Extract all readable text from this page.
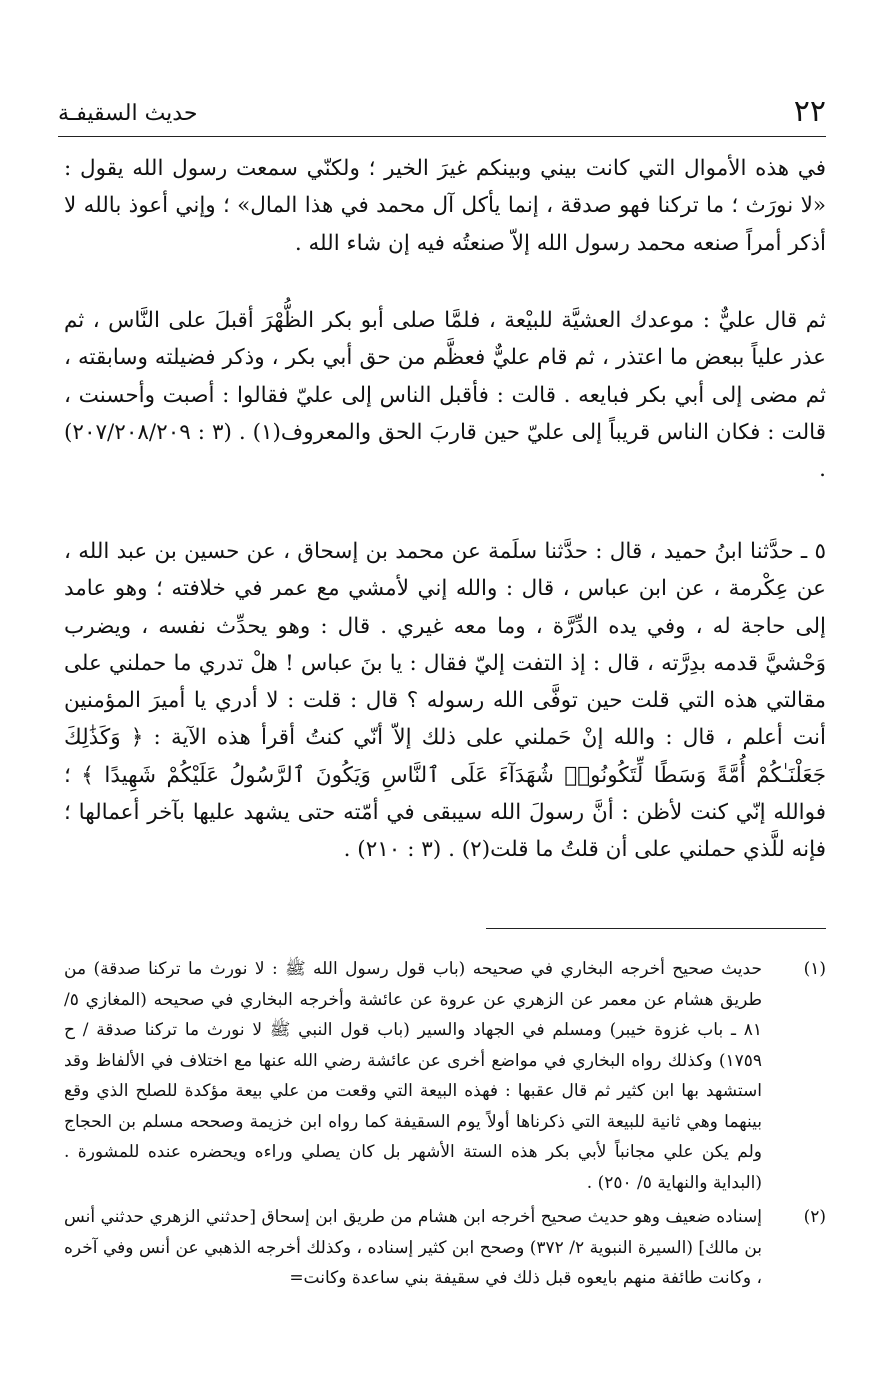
٢٢
حديث السقيفـة

في هذه الأموال التي كانت بيني وبينكم غيرَ الخير ؛ ولكنّي سمعت رسول الله يقول : «لا نورَث ؛ ما تركنا فهو صدقة ، إنما يأكل آل محمد في هذا المال» ؛ وإني أعوذ بالله لا أذكر أمراً صنعه محمد رسول الله إلاّ صنعتُه فيه إن شاء الله .

ثم قال عليٌّ : موعدك العشيَّة للبيْعة ، فلمَّا صلى أبو بكر الظُّهْرَ أقبلَ على النَّاس ، ثم عذر علياً ببعض ما اعتذر ، ثم قام عليٌّ فعظَّم من حق أبي بكر ، وذكر فضيلته وسابقته ، ثم مضى إلى أبي بكر فبايعه . قالت : فأقبل الناس إلى عليّ فقالوا : أصبت وأحسنت ، قالت : فكان الناس قريباً إلى عليّ حين قاربَ الحق والمعروف(١) . (٣ : ٢٠٧/٢٠٨/٢٠٩) .

٥ ـ حدَّثنا ابنُ حميد ، قال : حدَّثنا سلَمة عن محمد بن إسحاق ، عن حسين بن عبد الله ، عن عِكْرمة ، عن ابن عباس ، قال : والله إني لأمشي مع عمر في خلافته ؛ وهو عامد إلى حاجة له ، وفي يده الدِّرَّة ، وما معه غيري . قال : وهو يحدِّث نفسه ، ويضرب وَحْشيَّ قدمه بدِرَّته ، قال : إذ التفت إليّ فقال : يا بنَ عباس ! هلْ تدري ما حملني على مقالتي هذه التي قلت حين توفَّى الله رسوله ؟ قال : قلت : لا أدري يا أميرَ المؤمنين أنت أعلم ، قال : والله إنْ حَملني على ذلك إلاّ أنّي كنتُ أقرأ هذه الآية : ﴿ وَكَذَٰلِكَ جَعَلْنَـٰكُمْ أُمَّةً وَسَطًا لِّتَكُونُوا۟ شُهَدَآءَ عَلَى ٱلنَّاسِ وَيَكُونَ ٱلرَّسُولُ عَلَيْكُمْ شَهِيدًا ﴾ ؛ فوالله إنّي كنت لأظن : أنَّ رسولَ الله سيبقى في أمّته حتى يشهد عليها بآخر أعمالها ؛ فإنه للَّذي حملني على أن قلتُ ما قلت(٢) . (٣ : ٢١٠) .

(١)
حديث صحيح أخرجه البخاري في صحيحه (باب قول رسول الله ﷺ : لا نورث ما تركنا صدقة) من طريق هشام عن معمر عن الزهري عن عروة عن عائشة وأخرجه البخاري في صحيحه (المغازي ٥/ ٨١ ـ باب غزوة خيبر) ومسلم في الجهاد والسير (باب قول النبي ﷺ لا نورث ما تركنا صدقة / ح ١٧٥٩) وكذلك رواه البخاري في مواضع أخرى عن عائشة رضي الله عنها مع اختلاف في الألفاظ وقد استشهد بها ابن كثير ثم قال عقبها : فهذه البيعة التي وقعت من علي بيعة مؤكدة للصلح الذي وقع بينهما وهي ثانية للبيعة التي ذكرناها أولاً يوم السقيفة كما رواه ابن خزيمة وصححه مسلم بن الحجاج ولم يكن علي مجانباً لأبي بكر هذه الستة الأشهر بل كان يصلي وراءه ويحضره عنده للمشورة . (البداية والنهاية ٥/ ٢٥٠) .
(٢)
إسناده ضعيف وهو حديث صحيح أخرجه ابن هشام من طريق ابن إسحاق [حدثني الزهري حدثني أنس بن مالك] (السيرة النبوية ٢/ ٣٧٢) وصحح ابن كثير إسناده ، وكذلك أخرجه الذهبي عن أنس وفي آخره ، وكانت طائفة منهم بايعوه قبل ذلك في سقيفة بني ساعدة وكانت=
